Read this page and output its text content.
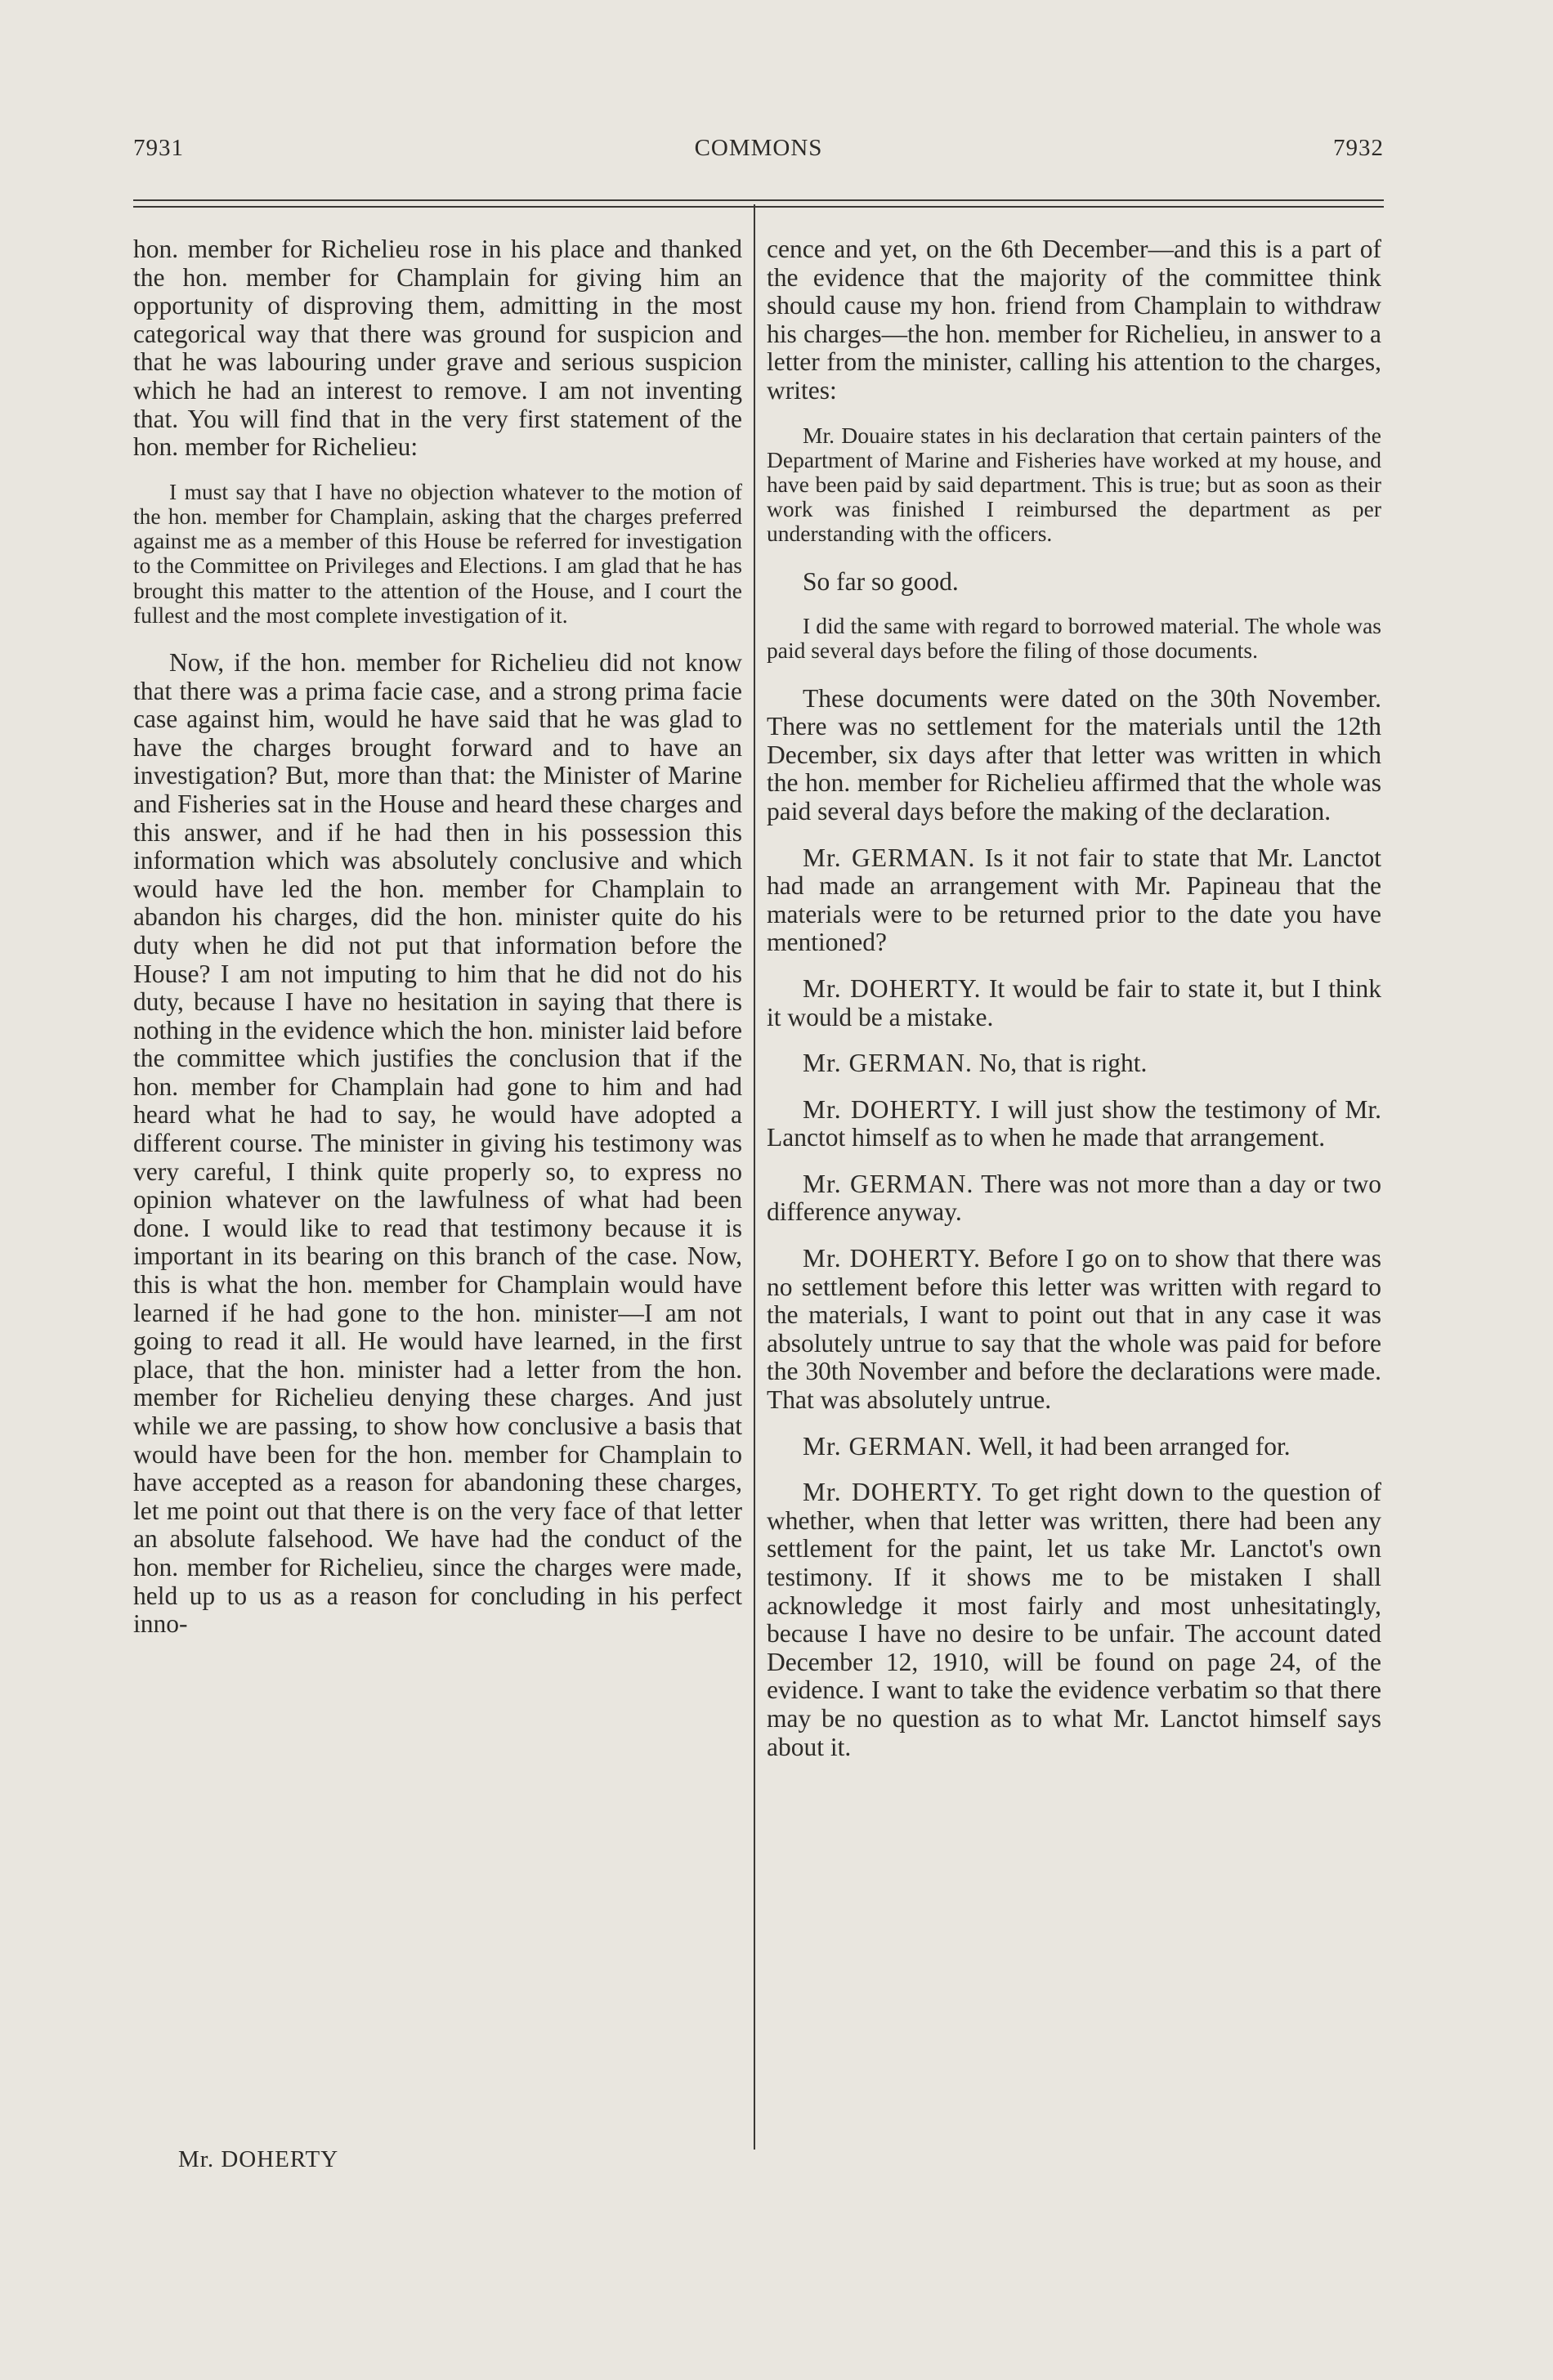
7931	COMMONS	7932

hon. member for Richelieu rose in his place and thanked the hon. member for Champlain for giving him an opportunity of disproving them, admitting in the most categorical way that there was ground for suspicion and that he was labouring under grave and serious suspicion which he had an interest to remove. I am not inventing that. You will find that in the very first statement of the hon. member for Richelieu:

I must say that I have no objection whatever to the motion of the hon. member for Champlain, asking that the charges preferred against me as a member of this House be referred for investigation to the Committee on Privileges and Elections. I am glad that he has brought this matter to the attention of the House, and I court the fullest and the most complete investigation of it.

Now, if the hon. member for Richelieu did not know that there was a prima facie case, and a strong prima facie case against him, would he have said that he was glad to have the charges brought forward and to have an investigation? But, more than that: the Minister of Marine and Fisheries sat in the House and heard these charges and this answer, and if he had then in his possession this information which was absolutely conclusive and which would have led the hon. member for Champlain to abandon his charges, did the hon. minister quite do his duty when he did not put that information before the House? I am not imputing to him that he did not do his duty, because I have no hesitation in saying that there is nothing in the evidence which the hon. minister laid before the committee which justifies the conclusion that if the hon. member for Champlain had gone to him and had heard what he had to say, he would have adopted a different course. The minister in giving his testimony was very careful, I think quite properly so, to express no opinion whatever on the lawfulness of what had been done. I would like to read that testimony because it is important in its bearing on this branch of the case. Now, this is what the hon. member for Champlain would have learned if he had gone to the hon. minister—I am not going to read it all. He would have learned, in the first place, that the hon. minister had a letter from the hon. member for Richelieu denying these charges. And just while we are passing, to show how conclusive a basis that would have been for the hon. member for Champlain to have accepted as a reason for abandoning these charges, let me point out that there is on the very face of that letter an absolute falsehood. We have had the conduct of the hon. member for Richelieu, since the charges were made, held up to us as a reason for concluding in his perfect inno-

Mr. DOHERTY

cence and yet, on the 6th December—and this is a part of the evidence that the majority of the committee think should cause my hon. friend from Champlain to withdraw his charges—the hon. member for Richelieu, in answer to a letter from the minister, calling his attention to the charges, writes:

Mr. Douaire states in his declaration that certain painters of the Department of Marine and Fisheries have worked at my house, and have been paid by said department. This is true; but as soon as their work was finished I reimbursed the department as per understanding with the officers.

So far so good.

I did the same with regard to borrowed material. The whole was paid several days before the filing of those documents.

These documents were dated on the 30th November. There was no settlement for the materials until the 12th December, six days after that letter was written in which the hon. member for Richelieu affirmed that the whole was paid several days before the making of the declaration.

Mr. GERMAN. Is it not fair to state that Mr. Lanctot had made an arrangement with Mr. Papineau that the materials were to be returned prior to the date you have mentioned?

Mr. DOHERTY. It would be fair to state it, but I think it would be a mistake.

Mr. GERMAN. No, that is right.

Mr. DOHERTY. I will just show the testimony of Mr. Lanctot himself as to when he made that arrangement.

Mr. GERMAN. There was not more than a day or two difference anyway.

Mr. DOHERTY. Before I go on to show that there was no settlement before this letter was written with regard to the materials, I want to point out that in any case it was absolutely untrue to say that the whole was paid for before the 30th November and before the declarations were made. That was absolutely untrue.

Mr. GERMAN. Well, it had been arranged for.

Mr. DOHERTY. To get right down to the question of whether, when that letter was written, there had been any settlement for the paint, let us take Mr. Lanctot's own testimony. If it shows me to be mistaken I shall acknowledge it most fairly and most unhesitatingly, because I have no desire to be unfair. The account dated December 12, 1910, will be found on page 24, of the evidence. I want to take the evidence verbatim so that there may be no question as to what Mr. Lanctot himself says about it.
